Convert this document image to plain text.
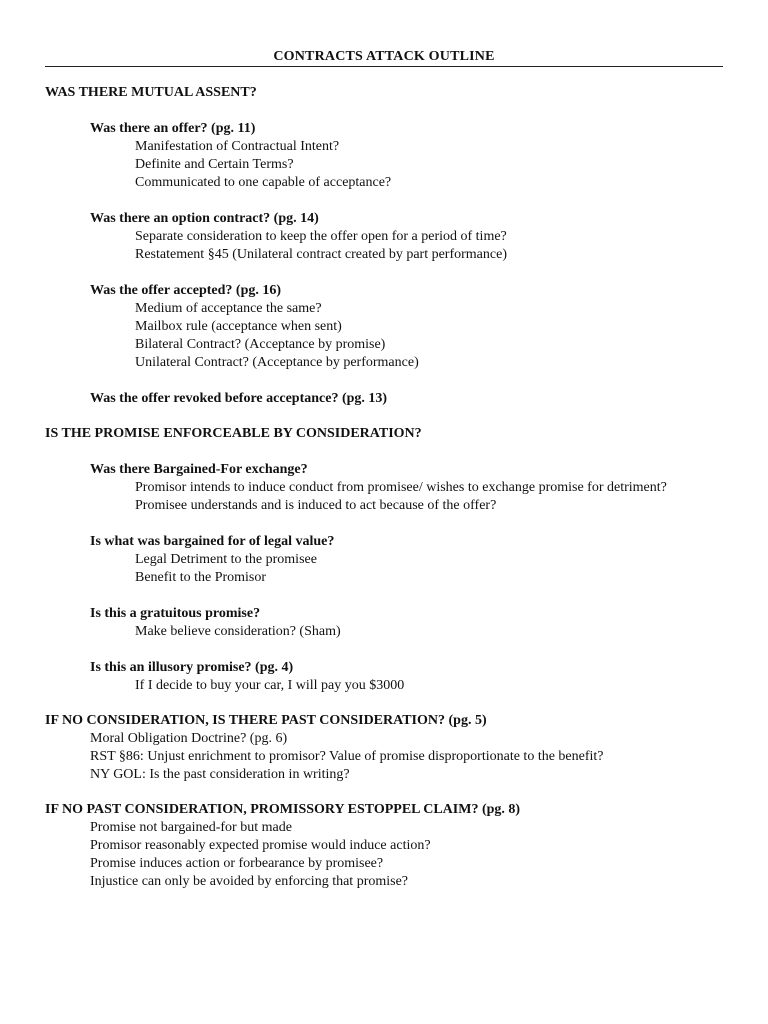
CONTRACTS ATTACK OUTLINE
WAS THERE MUTUAL ASSENT?
Was there an offer? (pg. 11)
Manifestation of Contractual Intent?
Definite and Certain Terms?
Communicated to one capable of acceptance?
Was there an option contract? (pg. 14)
Separate consideration to keep the offer open for a period of time?
Restatement §45 (Unilateral contract created by part performance)
Was the offer accepted? (pg. 16)
Medium of acceptance the same?
Mailbox rule (acceptance when sent)
Bilateral Contract? (Acceptance by promise)
Unilateral Contract? (Acceptance by performance)
Was the offer revoked before acceptance? (pg. 13)
IS THE PROMISE ENFORCEABLE BY CONSIDERATION?
Was there Bargained-For exchange?
Promisor intends to induce conduct from promisee/ wishes to exchange promise for detriment?
Promisee understands and is induced to act because of the offer?
Is what was bargained for of legal value?
Legal Detriment to the promisee
Benefit to the Promisor
Is this a gratuitous promise?
Make believe consideration? (Sham)
Is this an illusory promise? (pg. 4)
If I decide to buy your car, I will pay you $3000
IF NO CONSIDERATION, IS THERE PAST CONSIDERATION? (pg. 5)
Moral Obligation Doctrine? (pg. 6)
RST §86: Unjust enrichment to promisor? Value of promise disproportionate to the benefit?
NY GOL: Is the past consideration in writing?
IF NO PAST CONSIDERATION, PROMISSORY ESTOPPEL CLAIM? (pg. 8)
Promise not bargained-for but made
Promisor reasonably expected promise would induce action?
Promise induces action or forbearance by promisee?
Injustice can only be avoided by enforcing that promise?
